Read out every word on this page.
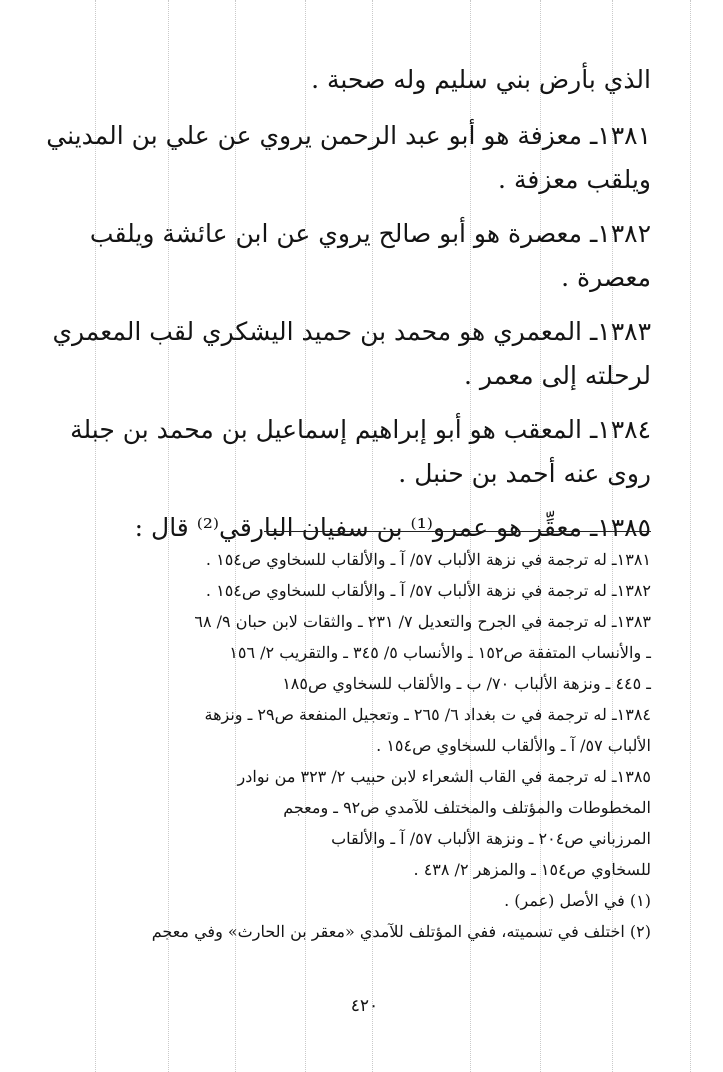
الذي بأرض بني سليم وله صحبة .

١٣٨١ـ معزفة هو أبو عبد الرحمن يروي عن علي بن المديني

ويلقب معزفة .

١٣٨٢ـ معصرة هو أبو صالح يروي عن ابن عائشة ويلقب

معصرة .

١٣٨٣ـ المعمري هو محمد بن حميد اليشكري لقب المعمري

لرحلته إلى معمر .

١٣٨٤ـ المعقب هو أبو إبراهيم إسماعيل بن محمد بن جبلة

روى عنه أحمد بن حنبل .

١٣٨٥ـ معقِّر هو عمرو⁽¹⁾ بن سفيان البارقي⁽²⁾ قال :

١٣٨١ـ له ترجمة في نزهة الألباب ٥٧/ آ ـ والألقاب للسخاوي ص١٥٤ .

١٣٨٢ـ له ترجمة في نزهة الألباب ٥٧/ آ ـ والألقاب للسخاوي ص١٥٤ .

١٣٨٣ـ له ترجمة في الجرح والتعديل ٧/ ٢٣١ ـ والثقات لابن حبان ٩/ ٦٨

ـ والأنساب المتفقة ص١٥٢ ـ والأنساب ٥/ ٣٤٥ ـ والتقريب ٢/ ١٥٦

ـ ٤٤٥ ـ ونزهة الألباب ٧٠/ ب ـ والألقاب للسخاوي ص١٨٥

١٣٨٤ـ له ترجمة في ت بغداد ٦/ ٢٦٥ ـ وتعجيل المنفعة ص٢٩ ـ ونزهة

الألباب ٥٧/ آ ـ والألقاب للسخاوي ص١٥٤ .

١٣٨٥ـ له ترجمة في القاب الشعراء لابن حبيب ٢/ ٣٢٣ من نوادر

المخطوطات والمؤتلف والمختلف للآمدي ص٩٢ ـ ومعجم

المرزباني ص٢٠٤ ـ ونزهة الألباب ٥٧/ آ ـ والألقاب

للسخاوي ص١٥٤ ـ والمزهر ٢/ ٤٣٨ .

(١) في الأصل (عمر) .

(٢) اختلف في تسميته، ففي المؤتلف للآمدي «معقر بن الحارث» وفي معجم

٤٢٠
